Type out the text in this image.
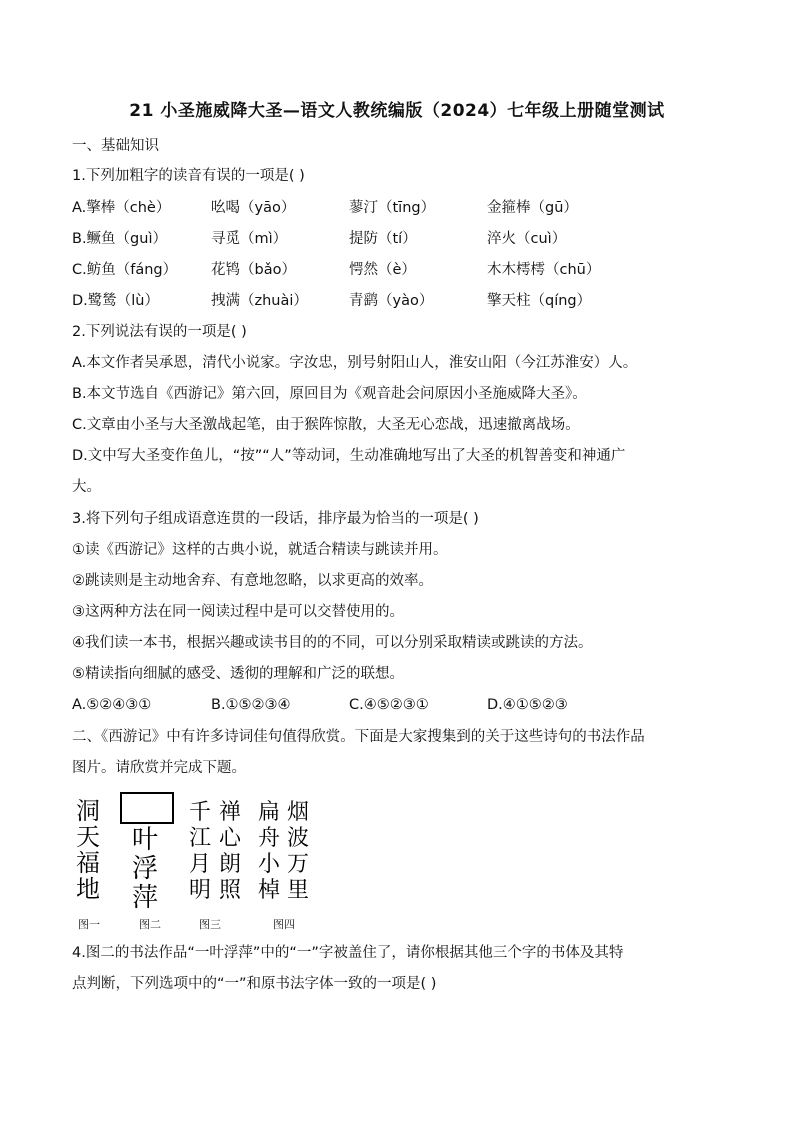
21 小圣施威降大圣—语文人教统编版（2024）七年级上册随堂测试
一、基础知识
1.下列加粗字的读音有误的一项是( )
A.擎棒（chè）	吆喝（yāo）	蓼汀（tīng）	金箍棒（gū）
B.鳜鱼（guì）	寻觅（mì）	提防（tí）	淬火（cuì）
C.鲂鱼（fáng） 花鸨（bǎo）	愕然（è）	木木樗樗（chū）
D.鹭鸶（lù）	拽满（zhuài）	青鹞（yào）	擎天柱（qíng）
2.下列说法有误的一项是( )
A.本文作者吴承恩，清代小说家。字汝忠，别号射阳山人，淮安山阳（今江苏淮安）人。
B.本文节选自《西游记》第六回，原回目为《观音赴会问原因小圣施威降大圣》。
C.文章由小圣与大圣激战起笔，由于猴阵惊散，大圣无心恋战，迅速撤离战场。
D.文中写大圣变作鱼儿，“按”“人”等动词，生动准确地写出了大圣的机智善变和神通广
大。
3.将下列句子组成语意连贯的一段话，排序最为恰当的一项是( )
①读《西游记》这样的古典小说，就适合精读与跳读并用。
②跳读则是主动地舍弃、有意地忽略，以求更高的效率。
③这两种方法在同一阅读过程中是可以交替使用的。
④我们读一本书，根据兴趣或读书目的的不同，可以分别采取精读或跳读的方法。
⑤精读指向细腻的感受、透彻的理解和广泛的联想。
A.⑤②④③①	B.①⑤②③④	C.④⑤②③①	D.④①⑤②③
二、《西游记》中有许多诗词佳句值得欣赏。下面是大家搜集到的关于这些诗句的书法作品
图片。请欣赏并完成下题。
洞
天
福
地
叶
浮
萍
千
江
月
明
禅
心
朗
照
扁
舟
小
棹
烟
波
万
里
图一	图二	图三	图四
4.图二的书法作品“一叶浮萍”中的“一”字被盖住了，请你根据其他三个字的书体及其特
点判断，下列选项中的“一”和原书法字体一致的一项是( )
